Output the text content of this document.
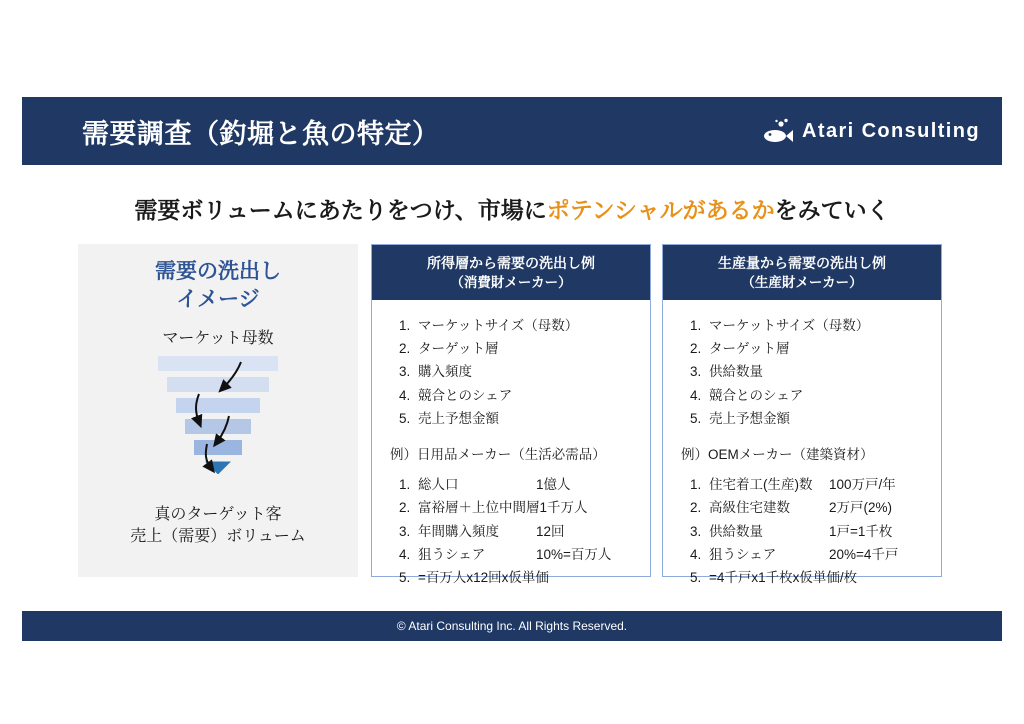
需要調査（釣堀と魚の特定）	Atari Consulting
需要ボリュームにあたりをつけ、市場にポテンシャルがあるかをみていく
需要の洗出し
イメージ
マーケット母数
真のターゲット客
売上（需要）ボリューム
所得層から需要の洗出し例
（消費財メーカー）
1. マーケットサイズ（母数）
2. ターゲット層
3. 購入頻度
4. 競合とのシェア
5. 売上予想金額
例）日用品メーカー（生活必需品）
1. 総人口	1億人
2. 富裕層＋上位中間層1千万人
3. 年間購入頻度	12回
4. 狙うシェア	10%=百万人
5. =百万人x12回x仮単価
生産量から需要の洗出し例
（生産財メーカー）
1. マーケットサイズ（母数）
2. ターゲット層
3. 供給数量
4. 競合とのシェア
5. 売上予想金額
例）OEMメーカー（建築資材）
1. 住宅着工(生産)数 100万戸/年
2. 高級住宅建数	2万戸(2%)
3. 供給数量	1戸=1千枚
4. 狙うシェア	20%=4千戸
5. =4千戸x1千枚x仮単価/枚
© Atari Consulting Inc. All Rights Reserved.
